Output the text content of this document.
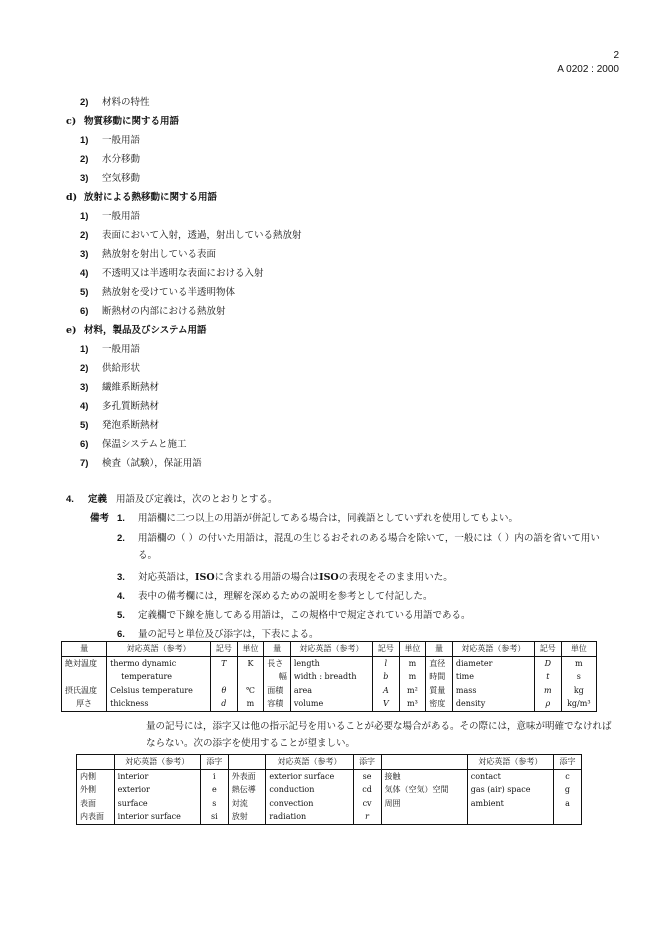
2
A 0202 : 2000
2) 材料の特性
c) 物質移動に関する用語
1) 一般用語
2) 水分移動
3) 空気移動
d) 放射による熱移動に関する用語
1) 一般用語
2) 表面において入射，透過，射出している熱放射
3) 熱放射を射出している表面
4) 不透明又は半透明な表面における入射
5) 熱放射を受けている半透明物体
6) 断熱材の内部における熱放射
e) 材料，製品及びシステム用語
1) 一般用語
2) 供給形状
3) 繊維系断熱材
4) 多孔質断熱材
5) 発泡系断熱材
6) 保温システムと施工
7) 検査（試験），保証用語
4. 定義 用語及び定義は，次のとおりとする。
備考 1.	用語欄に二つ以上の用語が併記してある場合は，同義語としていずれを使用してもよい。
2.	用語欄の（ ）の付いた用語は，混乱の生じるおそれのある場合を除いて，一般には（ ）内の語を省いて用いる。
3.	対応英語は，ISOに含まれる用語の場合はISOの表現をそのまま用いた。
4.	表中の備考欄には，理解を深めるための説明を参考として付記した。
5.	定義欄で下線を施してある用語は，この規格中で規定されている用語である。
6.	量の記号と単位及び添字は，下表による。
量	対応英語（参考）	記号	単位	量	対応英語（参考）	記号	単位	量	対応英語（参考）	記号	単位
絶対温度	thermo dynamic	T	K	長さ	length	l	m	直径	diameter	D	m
	temperature			幅	width : breadth	b	m	時間	time	t	s
摂氏温度	Celsius temperature	θ	℃	面積	area	A	m²	質量	mass	m	kg
厚さ	thickness	d	m	容積	volume	V	m³	密度	density	ρ	kg/m³
量の記号には，添字又は他の指示記号を用いることが必要な場合がある。その際には，意味が明確でなければならない。次の添字を使用することが望ましい。
	対応英語（参考）	添字		対応英語（参考）	添字		対応英語（参考）	添字
内側	interior	i	外表面	exterior surface	se	接触	contact	c
外側	exterior	e	熱伝導	conduction	cd	気体（空気）空間	gas (air) space	g
表面	surface	s	対流	convection	cv	周囲	ambient	a
内表面	interior surface	si	放射	radiation	r			
